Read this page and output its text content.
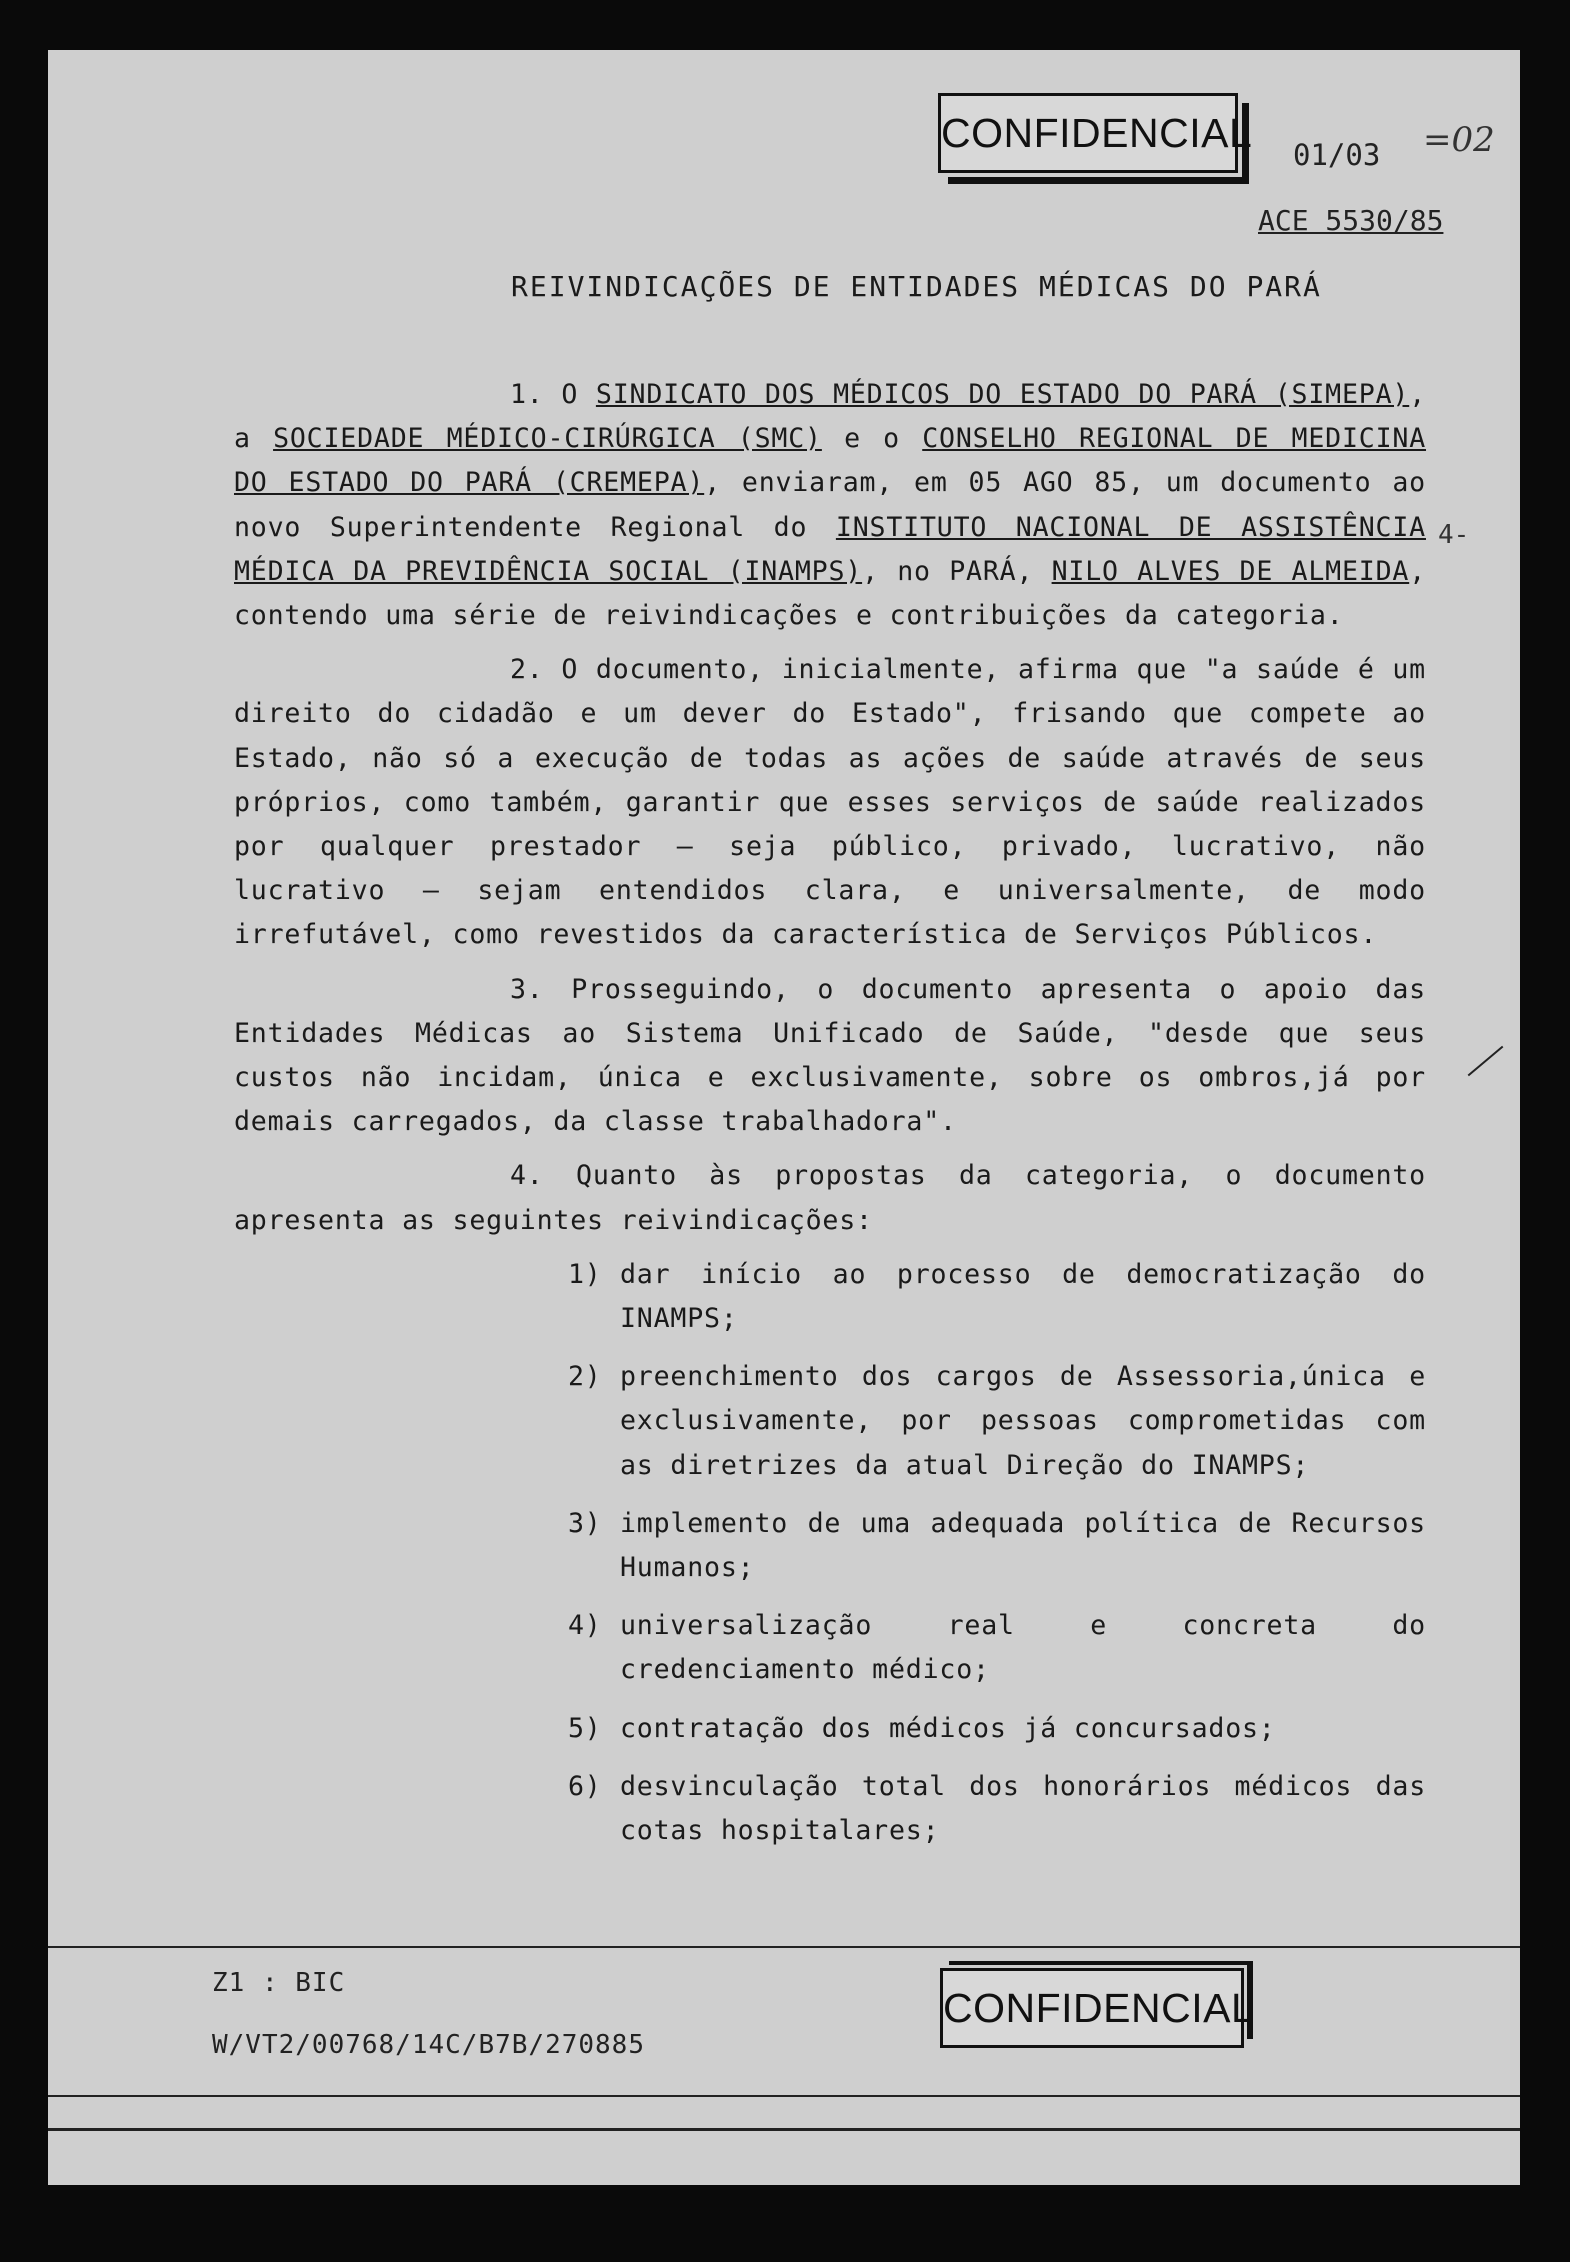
CONFIDENCIAL 01/03 =02
ACE 5530/85
REIVINDICAÇÕES DE ENTIDADES MÉDICAS DO PARÁ
4-

1. O SINDICATO DOS MÉDICOS DO ESTADO DO PARÁ (SIMEPA), a SOCIEDADE MÉDICO-CIRÚRGICA (SMC) e o CONSELHO REGIONAL DE MEDICINA DO ESTADO DO PARÁ (CREMEPA), enviaram, em 05 AGO 85, um documento ao novo Superintendente Regional do INSTITUTO NACIONAL DE ASSISTÊNCIA MÉDICA DA PREVIDÊNCIA SOCIAL (INAMPS), no PARÁ, NILO ALVES DE ALMEIDA, contendo uma série de reivindicações e contribuições da categoria.

2. O documento, inicialmente, afirma que "a saúde é um direito do cidadão e um dever do Estado", frisando que compete ao Estado, não só a execução de todas as ações de saúde através de seus próprios, como também, garantir que esses serviços de saúde realizados por qualquer prestador — seja público, privado, lucrativo, não lucrativo — sejam entendidos clara, e universalmente, de modo irrefutável, como revestidos da característica de Serviços Públicos.

3. Prosseguindo, o documento apresenta o apoio das Entidades Médicas ao Sistema Unificado de Saúde, "desde que seus custos não incidam, única e exclusivamente, sobre os ombros,já por demais carregados, da classe trabalhadora".

4. Quanto às propostas da categoria, o documento apresenta as seguintes reivindicações:

1) dar início ao processo de democratização do INAMPS;
2) preenchimento dos cargos de Assessoria,única e exclusivamente, por pessoas comprometidas com as diretrizes da atual Direção do INAMPS;
3) implemento de uma adequada política de Recursos Humanos;
4) universalização real e concreta do credenciamento médico;
5) contratação dos médicos já concursados;
6) desvinculação total dos honorários médicos das cotas hospitalares;
Z1 : BIC
W/VT2/00768/14C/B7B/270885
CONFIDENCIAL
